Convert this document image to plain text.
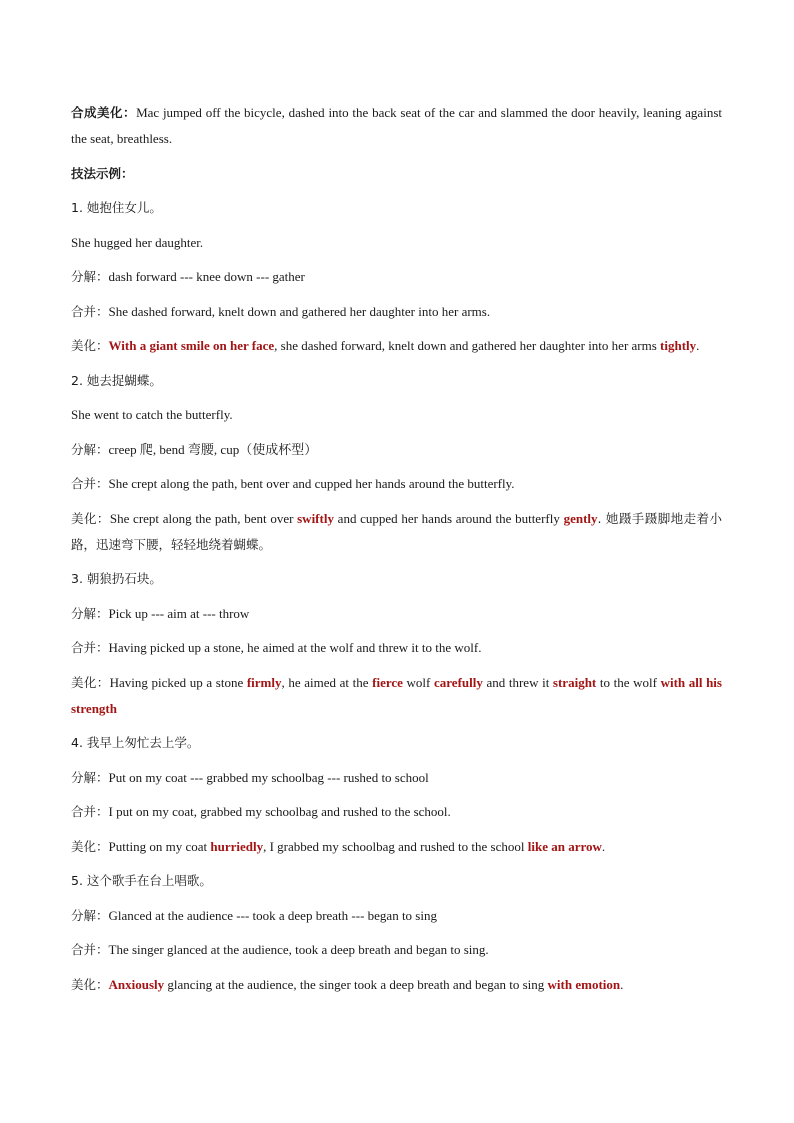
合成美化：Mac jumped off the bicycle, dashed into the back seat of the car and slammed the door heavily, leaning against the seat, breathless.

技法示例：

1. 她抱住女儿。

She hugged her daughter.

分解：dash forward --- knee down --- gather

合并：She dashed forward, knelt down and gathered her daughter into her arms.

美化：With a giant smile on her face, she dashed forward, knelt down and gathered her daughter into her arms tightly.

2. 她去捉蝴蝶。

She went to catch the butterfly.

分解：creep 爬, bend 弯腰, cup（使成杯型）

合并：She crept along the path, bent over and cupped her hands around the butterfly.

美化：She crept along the path, bent over swiftly and cupped her hands around the butterfly gently. 她蹑手蹑脚地走着小路，迅速弯下腰，轻轻地绕着蝴蝶。

3. 朝狼扔石块。

分解：Pick up --- aim at --- throw

合并：Having picked up a stone, he aimed at the wolf and threw it to the wolf.

美化：Having picked up a stone firmly, he aimed at the fierce wolf carefully and threw it straight to the wolf with all his strength

4. 我早上匆忙去上学。

分解：Put on my coat --- grabbed my schoolbag --- rushed to school

合并：I put on my coat, grabbed my schoolbag and rushed to the school.

美化：Putting on my coat hurriedly, I grabbed my schoolbag and rushed to the school like an arrow.

5. 这个歌手在台上唱歌。

分解：Glanced at the audience --- took a deep breath --- began to sing

合并：The singer glanced at the audience, took a deep breath and began to sing.

美化：Anxiously glancing at the audience, the singer took a deep breath and began to sing with emotion.
